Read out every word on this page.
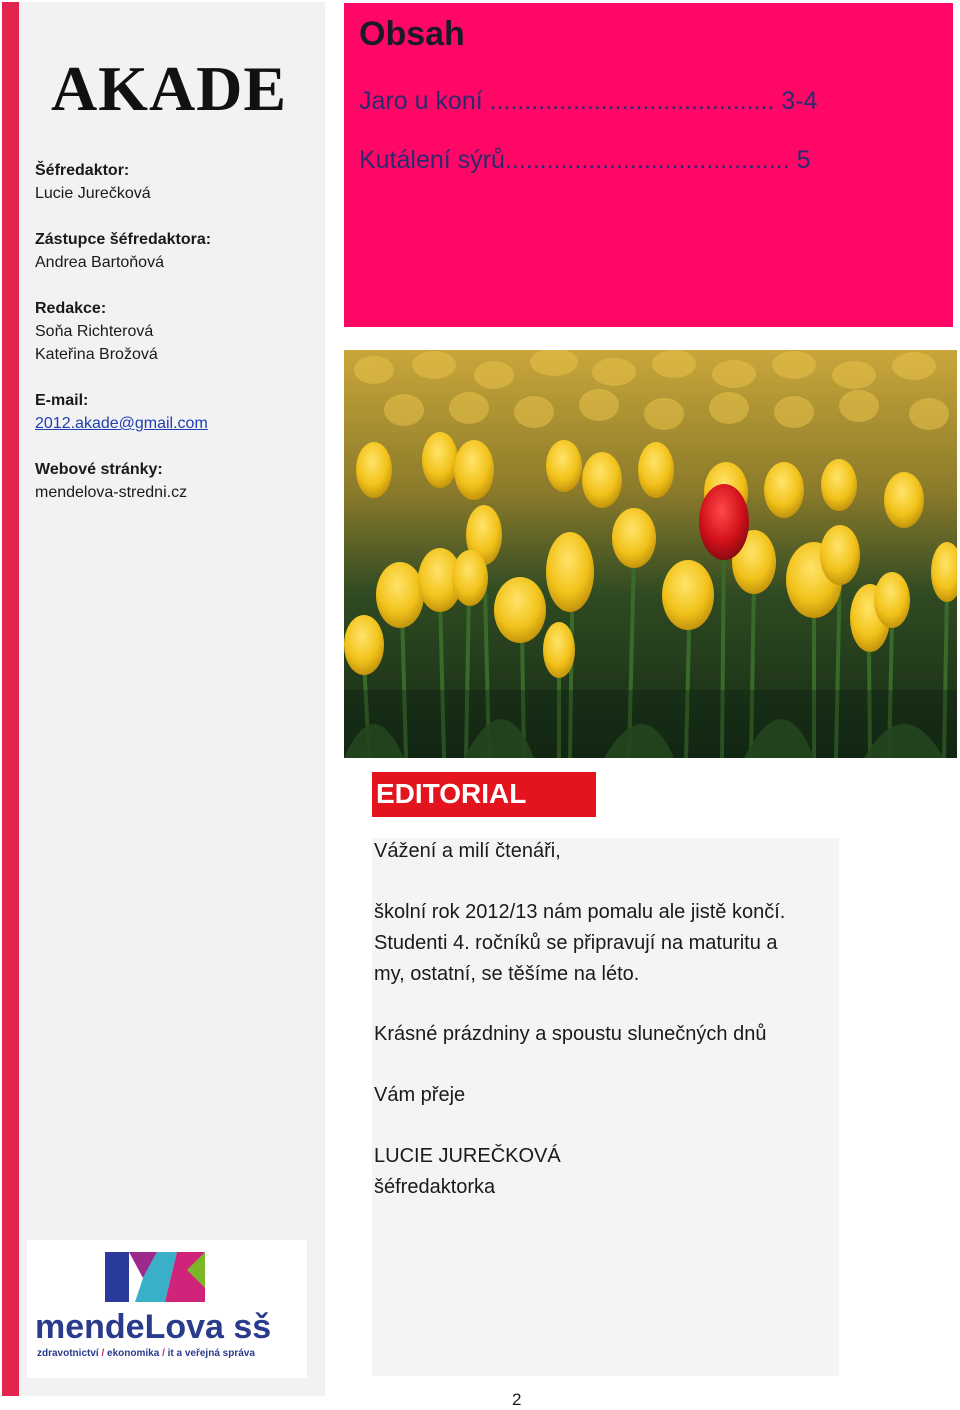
AKADE
Šéfredaktor:
Lucie Jurečková
Zástupce šéfredaktora:
Andrea Bartoňová
Redakce:
Soňa Richterová
Kateřina Brožová
E-mail:
2012.akade@gmail.com
Webové stránky:
mendelova-stredni.cz
mendeLova sš
zdravotnictví / ekonomika / it a veřejná správa
Obsah
Jaro u koní ......................................... 3-4
Kutálení sýrů......................................... 5
EDITORIAL
Vážení a milí čtenáři,
školní rok 2012/13 nám pomalu ale jistě končí.
Studenti 4. ročníků se připravují na maturitu a
my, ostatní, se těšíme na léto.
Krásné prázdniny a spoustu slunečných dnů
Vám přeje
LUCIE JUREČKOVÁ
šéfredaktorka
2
